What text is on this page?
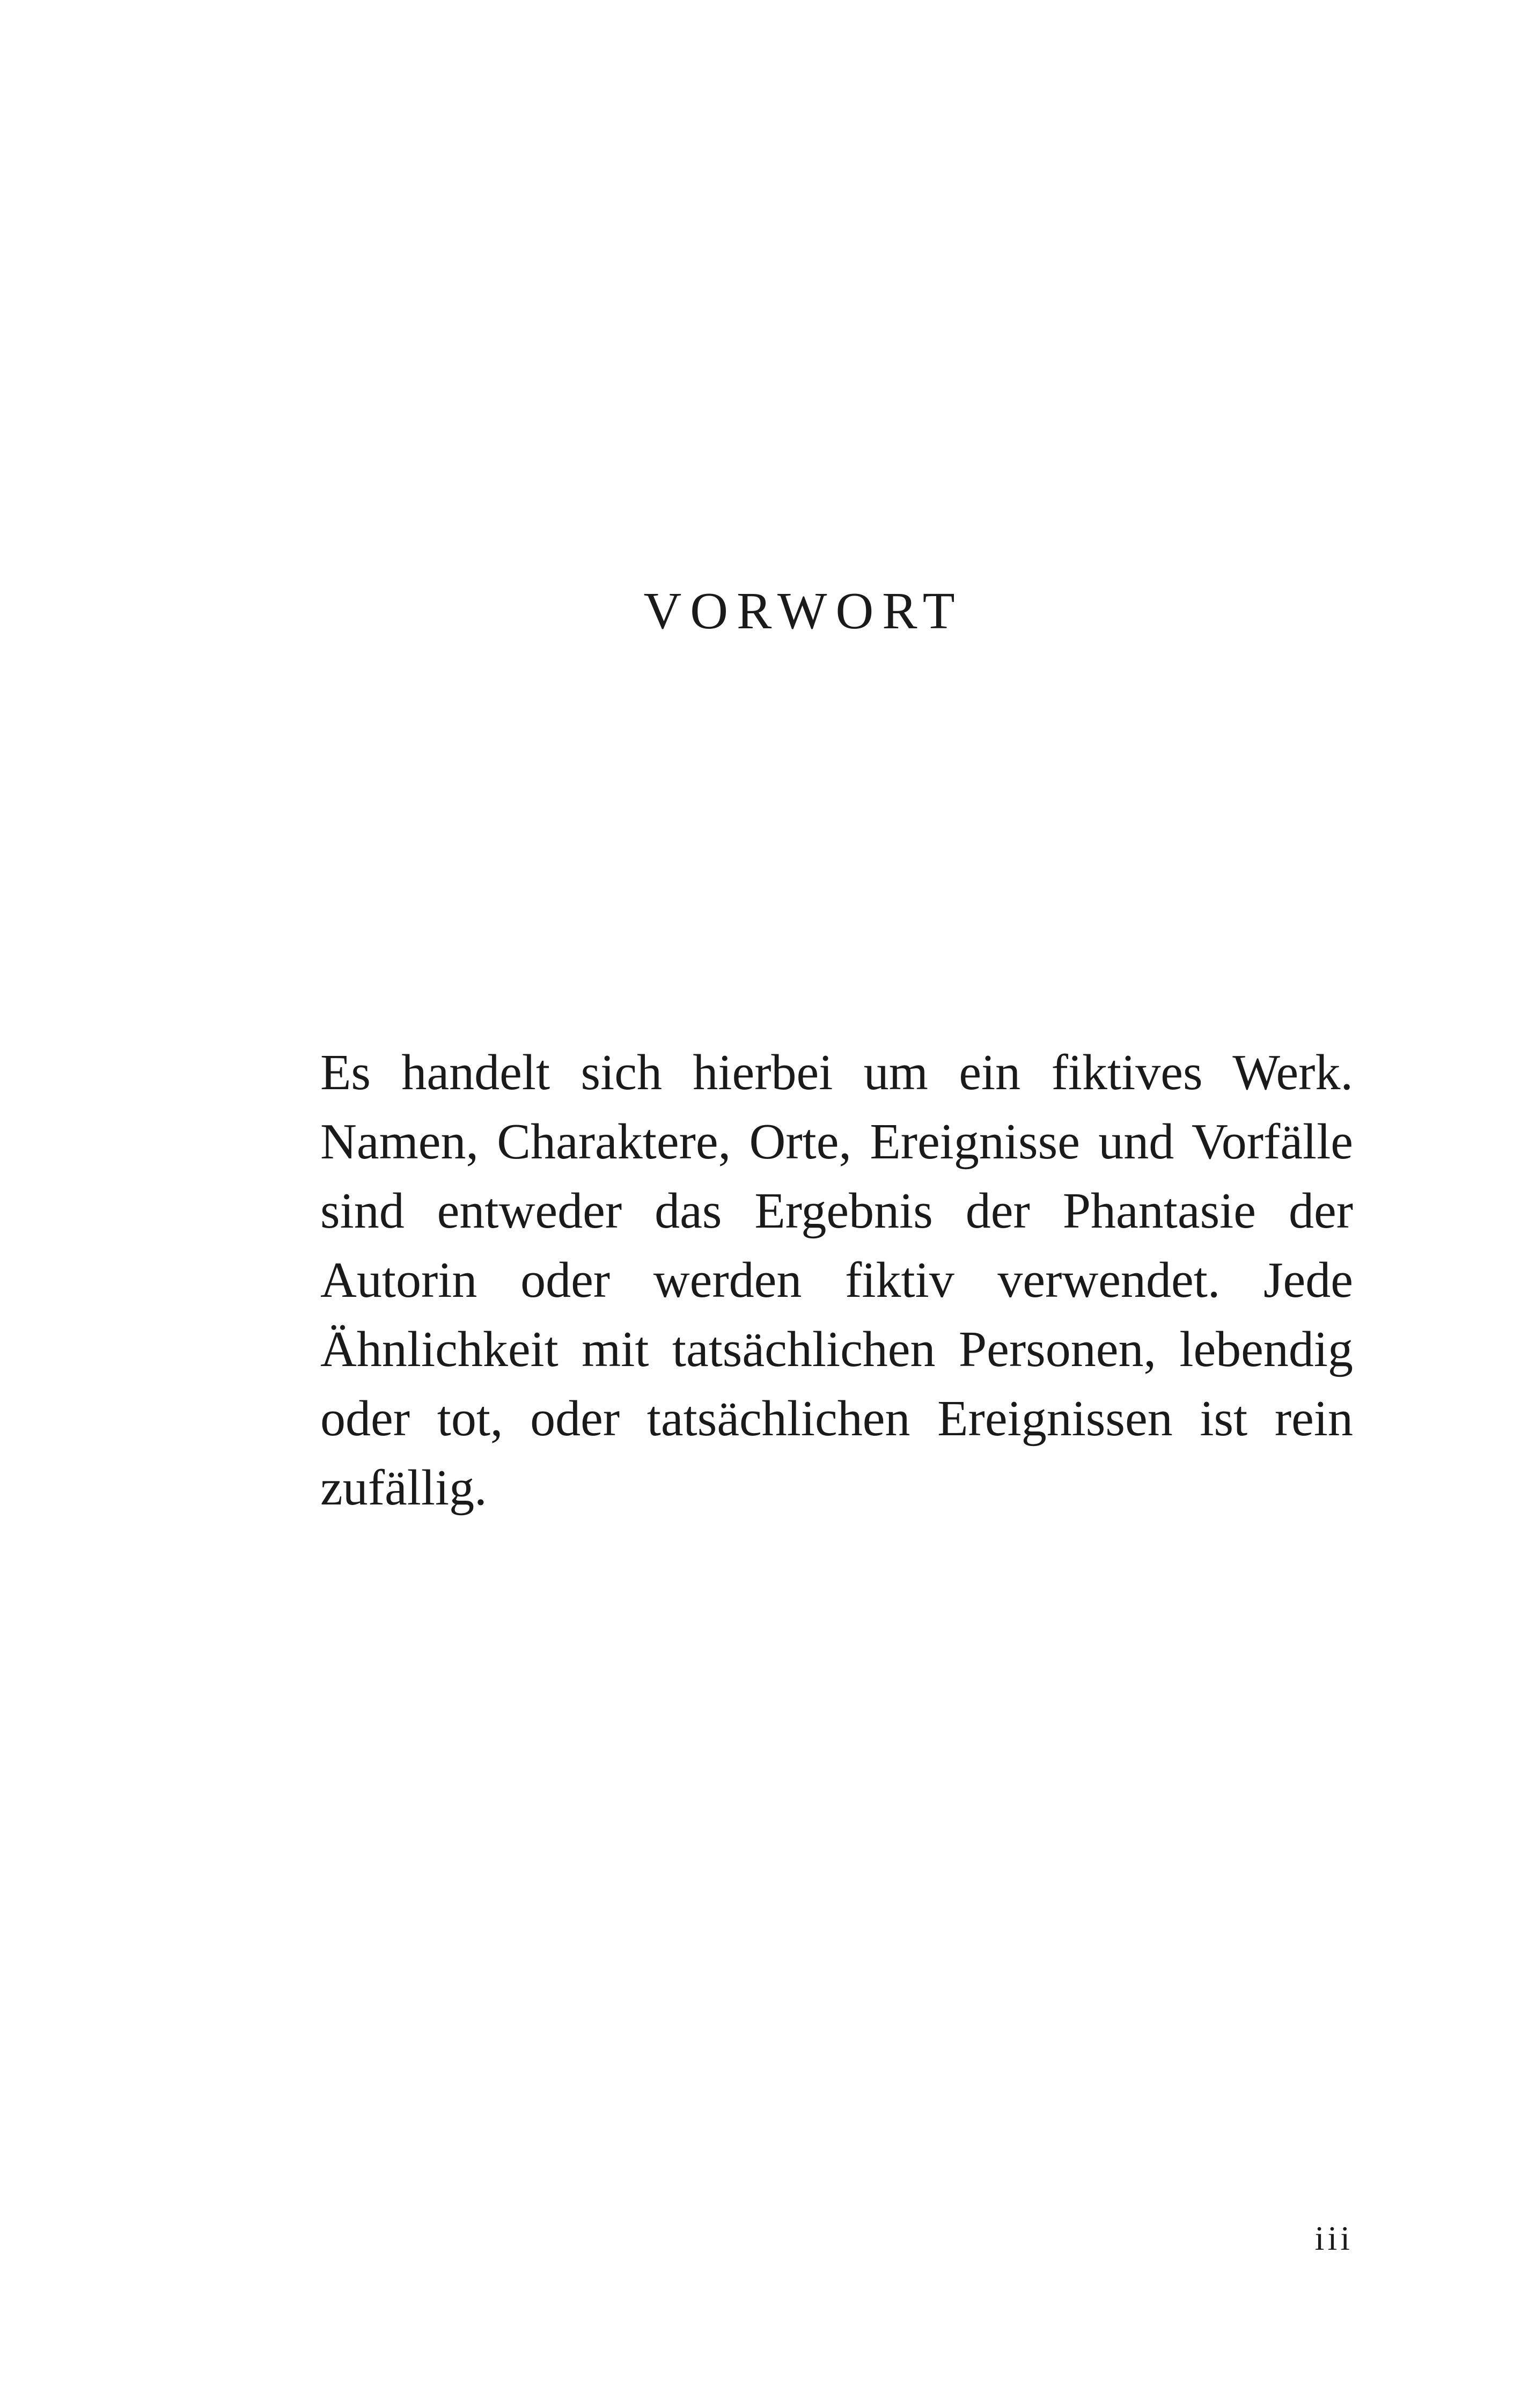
VORWORT

Es handelt sich hierbei um ein fiktives Werk.
Namen, Charaktere, Orte, Ereignisse und Vorfälle
sind entweder das Ergebnis der Phantasie der
Autorin oder werden fiktiv verwendet. Jede
Ähnlichkeit mit tatsächlichen Personen, lebendig
oder tot, oder tatsächlichen Ereignissen ist rein
zufällig.

iii
